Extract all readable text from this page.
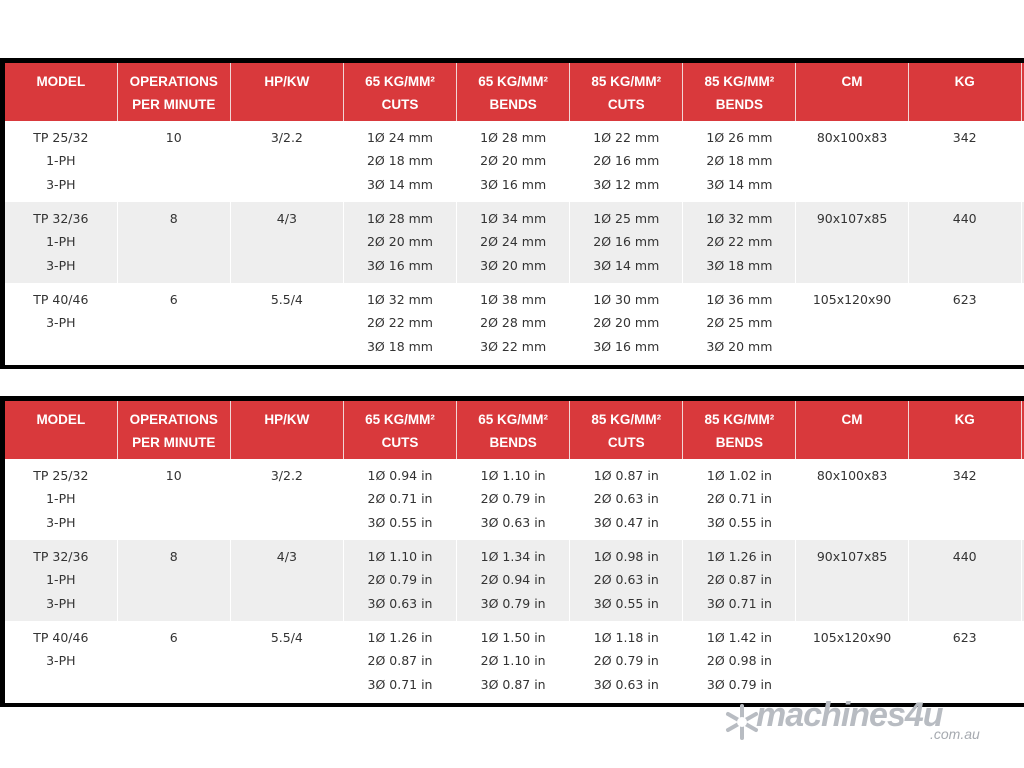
MODEL	OPERATIONS
PER MINUTE	HP/KW	65 KG/MM²
CUTS	65 KG/MM²
BENDS	85 KG/MM²
CUTS	85 KG/MM²
BENDS	CM	KG	

TP 25/32
1-PH
3-PH	10	3/2.2	1Ø 24 mm
2Ø 18 mm
3Ø 14 mm	1Ø 28 mm
2Ø 20 mm
3Ø 16 mm	1Ø 22 mm
2Ø 16 mm
3Ø 12 mm	1Ø 26 mm
2Ø 18 mm
3Ø 14 mm	80x100x83	342	

TP 32/36
1-PH
3-PH	8	4/3	1Ø 28 mm
2Ø 20 mm
3Ø 16 mm	1Ø 34 mm
2Ø 24 mm
3Ø 20 mm	1Ø 25 mm
2Ø 16 mm
3Ø 14 mm	1Ø 32 mm
2Ø 22 mm
3Ø 18 mm	90x107x85	440	

TP 40/46
3-PH	6	5.5/4	1Ø 32 mm
2Ø 22 mm
3Ø 18 mm	1Ø 38 mm
2Ø 28 mm
3Ø 22 mm	1Ø 30 mm
2Ø 20 mm
3Ø 16 mm	1Ø 36 mm
2Ø 25 mm
3Ø 20 mm	105x120x90	623	
MODEL	OPERATIONS
PER MINUTE	HP/KW	65 KG/MM²
CUTS	65 KG/MM²
BENDS	85 KG/MM²
CUTS	85 KG/MM²
BENDS	CM	KG	

TP 25/32
1-PH
3-PH	10	3/2.2	1Ø 0.94 in
2Ø 0.71 in
3Ø 0.55 in	1Ø 1.10 in
2Ø 0.79 in
3Ø 0.63 in	1Ø 0.87 in
2Ø 0.63 in
3Ø 0.47 in	1Ø 1.02 in
2Ø 0.71 in
3Ø 0.55 in	80x100x83	342	

TP 32/36
1-PH
3-PH	8	4/3	1Ø 1.10 in
2Ø 0.79 in
3Ø 0.63 in	1Ø 1.34 in
2Ø 0.94 in
3Ø 0.79 in	1Ø 0.98 in
2Ø 0.63 in
3Ø 0.55 in	1Ø 1.26 in
2Ø 0.87 in
3Ø 0.71 in	90x107x85	440	

TP 40/46
3-PH	6	5.5/4	1Ø 1.26 in
2Ø 0.87 in
3Ø 0.71 in	1Ø 1.50 in
2Ø 1.10 in
3Ø 0.87 in	1Ø 1.18 in
2Ø 0.79 in
3Ø 0.63 in	1Ø 1.42 in
2Ø 0.98 in
3Ø 0.79 in	105x120x90	623	
machines4u
.com.au
